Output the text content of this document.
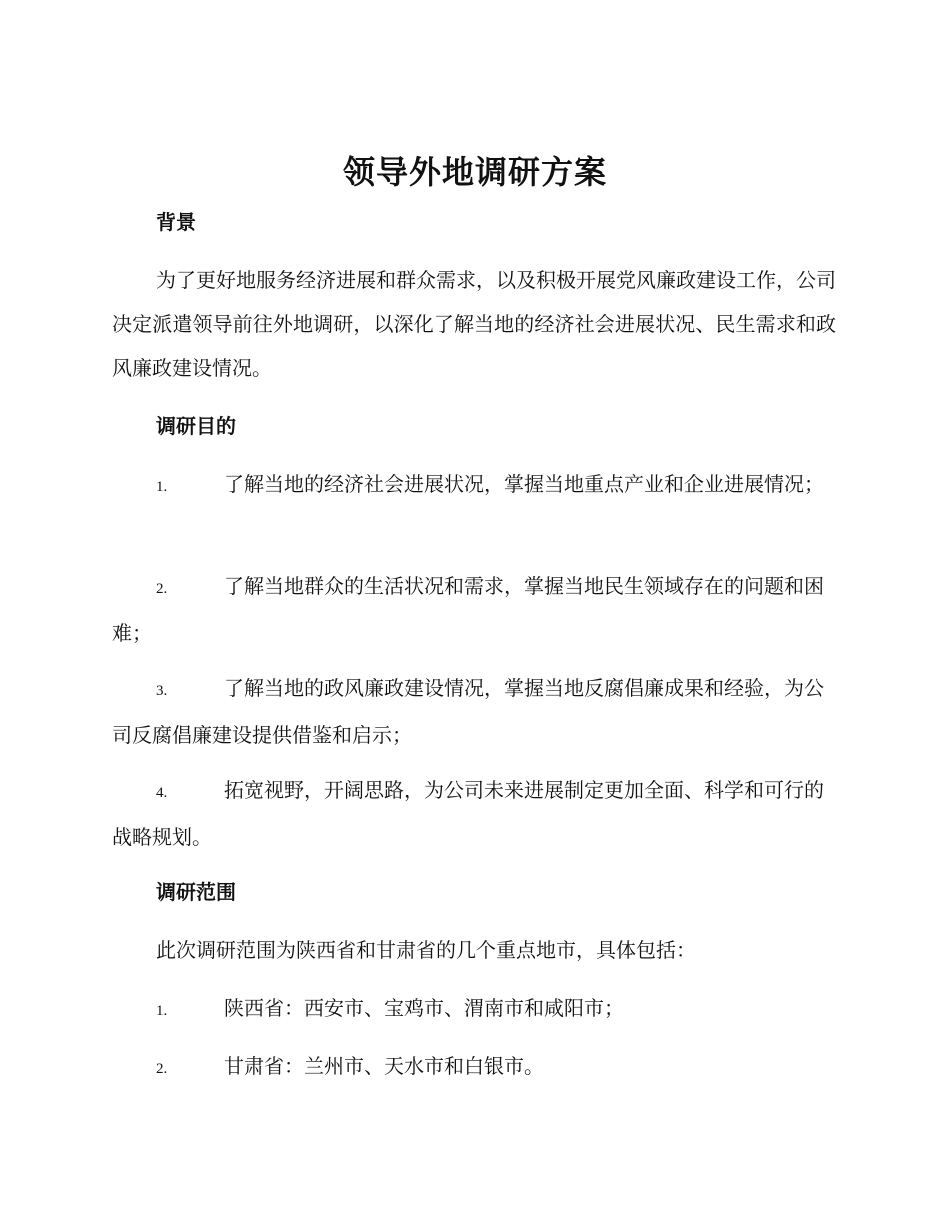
领导外地调研方案
背景
为了更好地服务经济进展和群众需求，以及积极开展党风廉政建设工作，公司决定派遣领导前往外地调研，以深化了解当地的经济社会进展状况、民生需求和政风廉政建设情况。
调研目的
1.	了解当地的经济社会进展状况，掌握当地重点产业和企业进展情况；
2.	了解当地群众的生活状况和需求，掌握当地民生领域存在的问题和困难；
3.	了解当地的政风廉政建设情况，掌握当地反腐倡廉成果和经验，为公司反腐倡廉建设提供借鉴和启示；
4.	拓宽视野，开阔思路，为公司未来进展制定更加全面、科学和可行的战略规划。
调研范围
此次调研范围为陕西省和甘肃省的几个重点地市，具体包括：
1.	陕西省：西安市、宝鸡市、渭南市和咸阳市；
2.	甘肃省：兰州市、天水市和白银市。
